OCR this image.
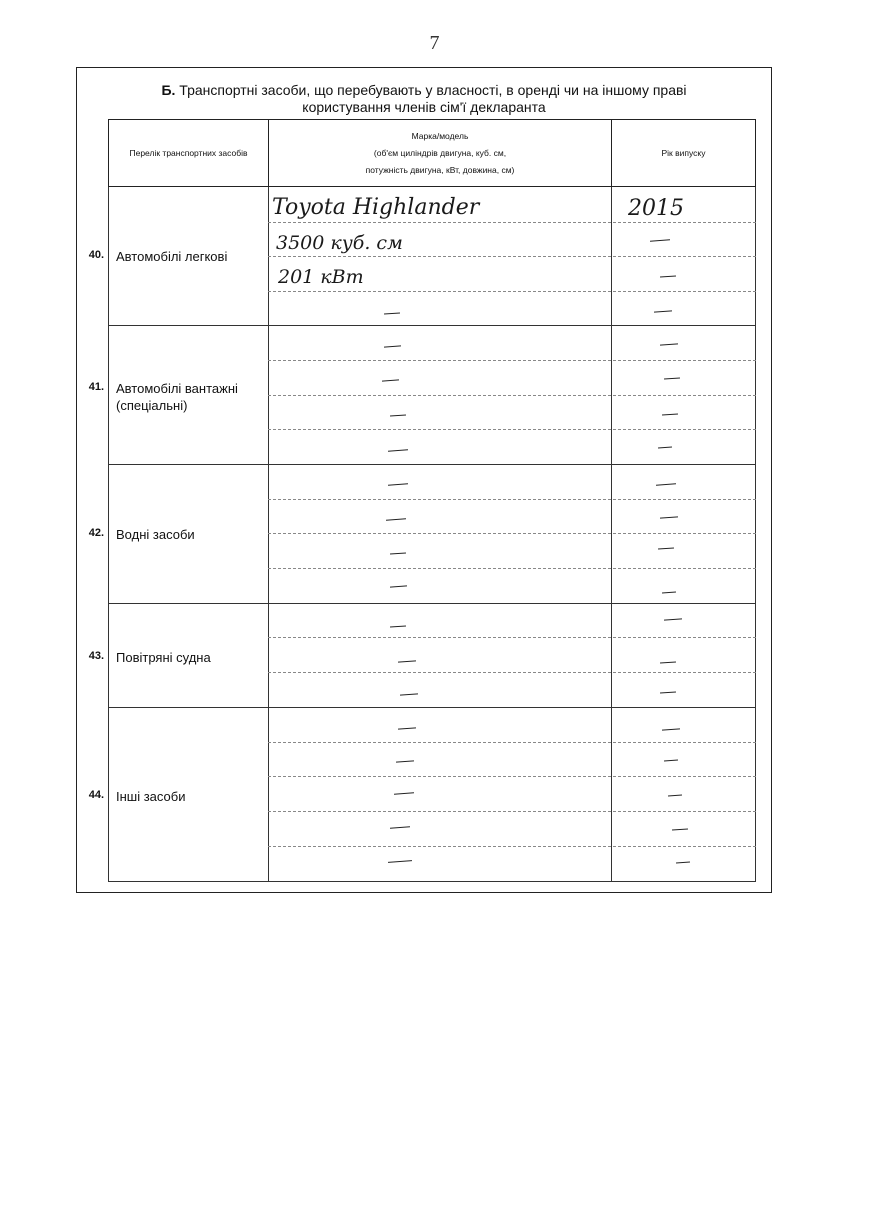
7
Б. Транспортні засоби, що перебувають у власності, в оренді чи на іншому праві
користування членів сім'ї декларанта
Перелік транспортних засобів
Марка/модель
(об'єм циліндрів двигуна, куб. см,
потужність двигуна, кВт, довжина, см)
Рік випуску
40. Автомобілі легкові
Toyota Highlander	2015
3500 куб. см
201 кВт
41. Автомобілі вантажні
(спеціальні)
42. Водні засоби
43. Повітряні судна
44. Інші засоби
